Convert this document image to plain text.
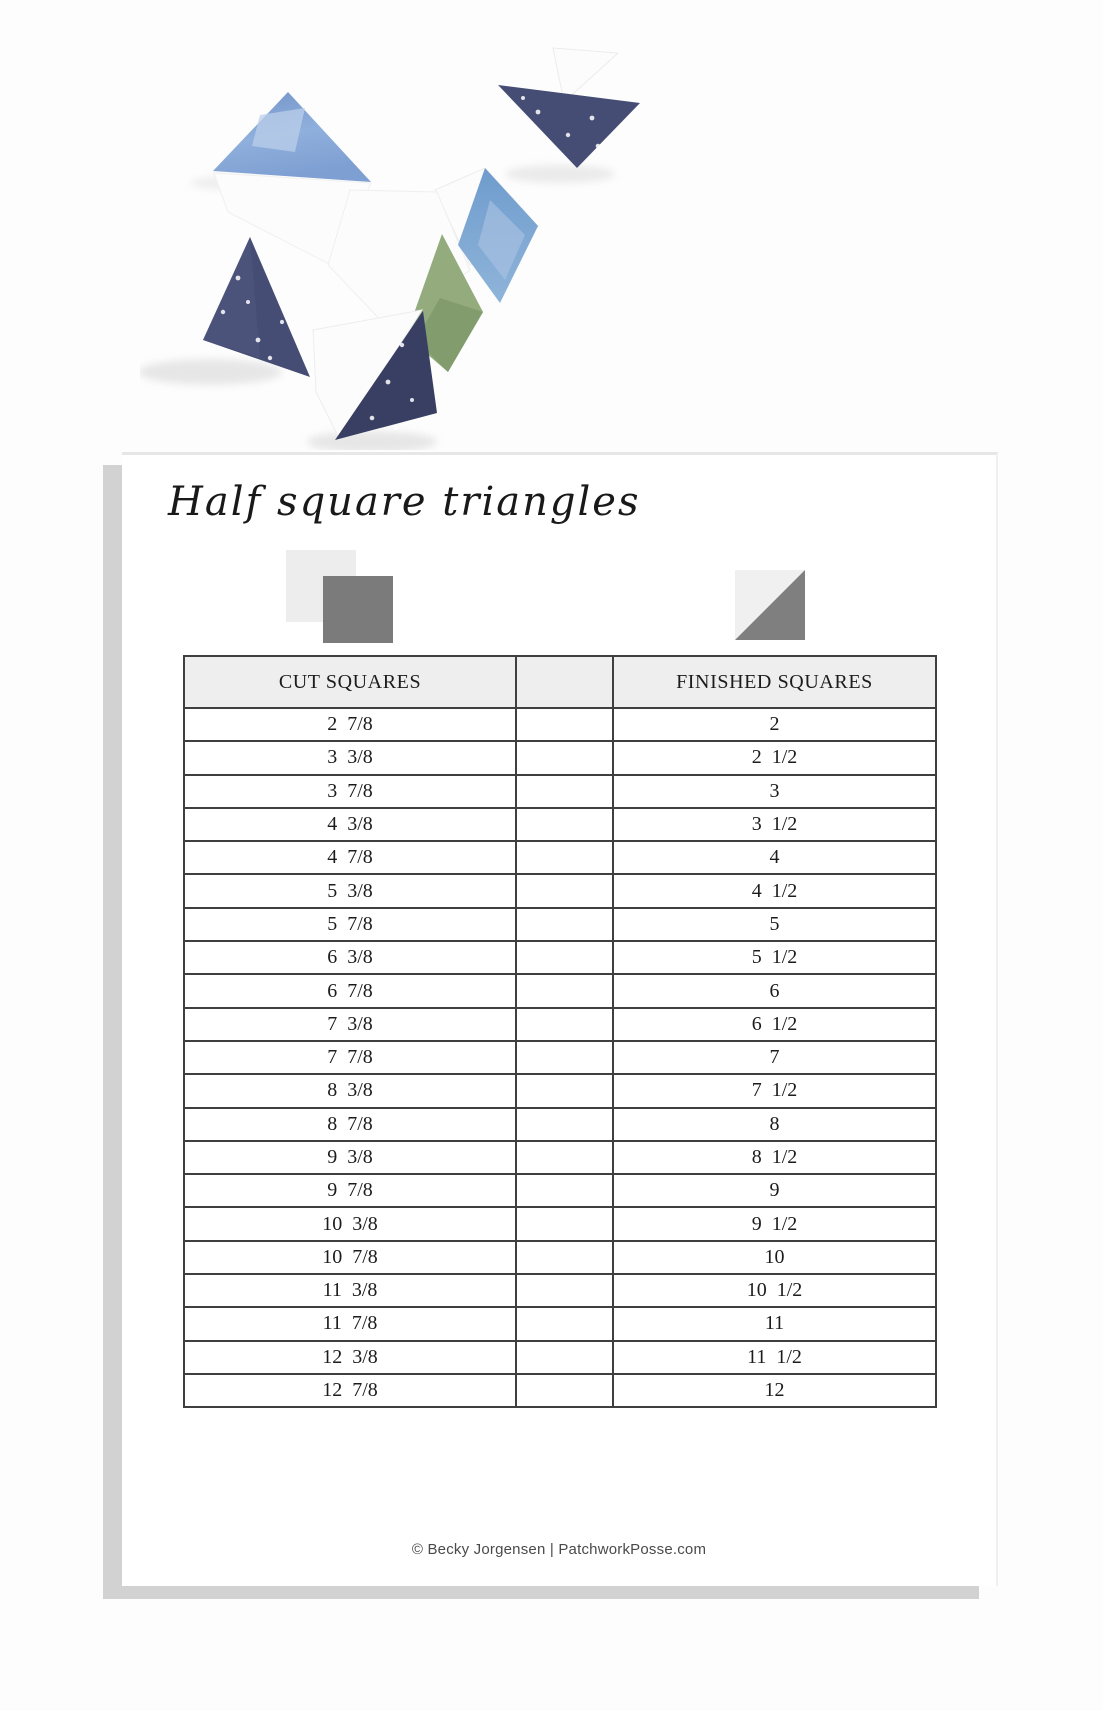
Half square triangles
CUT SQUARES		FINISHED SQUARES
2  7/8		2
3  3/8		2  1/2
3  7/8		3
4  3/8		3  1/2
4  7/8		4
5  3/8		4  1/2
5  7/8		5
6  3/8		5  1/2
6  7/8		6
7  3/8		6  1/2
7  7/8		7
8  3/8		7  1/2
8  7/8		8
9  3/8		8  1/2
9  7/8		9
10  3/8		9  1/2
10  7/8		10
11  3/8		10  1/2
11  7/8		11
12  3/8		11  1/2
12  7/8		12
© Becky Jorgensen | PatchworkPosse.com
